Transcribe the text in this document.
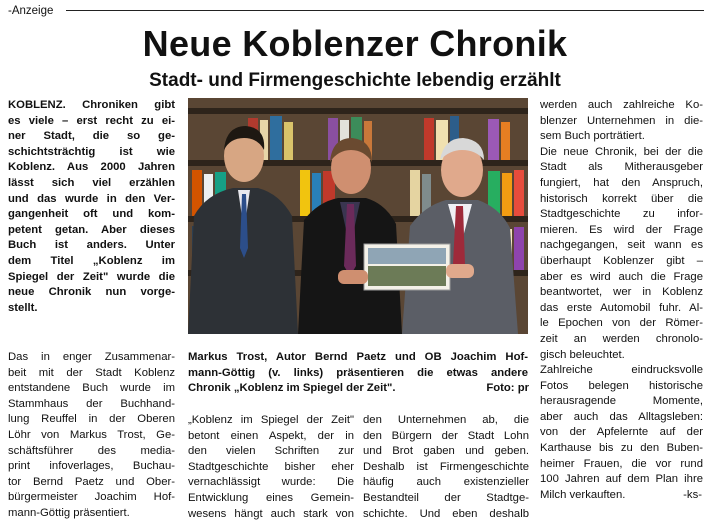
-Anzeige
Neue Koblenzer Chronik
Stadt- und Firmengeschichte lebendig erzählt
KOBLENZ. Chroniken gibt
es viele – erst recht zu ei-
ner Stadt, die so ge-
schichtsträchtig ist wie
Koblenz. Aus 2000 Jahren
lässt sich viel erzählen
und das wurde in den Ver-
gangenheit oft und kom-
petent getan. Aber dieses
Buch ist anders. Unter
dem Titel „Koblenz im
Spiegel der Zeit" wurde die
neue Chronik nun vorge-
stellt.
Das in enger Zusammenar-
beit mit der Stadt Koblenz
entstandene Buch wurde im
Stammhaus der Buchhand-
lung Reuffel in der Oberen
Löhr von Markus Trost, Ge-
schäftsführer des media-
print infoverlages, Buchau-
tor Bernd Paetz und Ober-
bürgermeister Joachim Hof-
mann-Göttig präsentiert.
Markus Trost, Autor Bernd Paetz und OB Joachim Hof-
mann-Göttig (v. links) präsentieren die etwas andere
Chronik „Koblenz im Spiegel der Zeit".	Foto: pr
„Koblenz im Spiegel der Zeit"
betont einen Aspekt, der in
den vielen Schriften zur
Stadtgeschichte bisher eher
vernachlässigt wurde: Die
Entwicklung eines Gemein-
wesens hängt auch stark von
den Unternehmen ab, die
den Bürgern der Stadt Lohn
und Brot gaben und geben.
Deshalb ist Firmengeschichte
häufig auch existenzieller
Bestandteil der Stadtge-
schichte. Und eben deshalb
werden auch zahlreiche Ko-
blenzer Unternehmen in die-
sem Buch porträtiert.
Die neue Chronik, bei der die
Stadt als Mitherausgeber
fungiert, hat den Anspruch,
historisch korrekt über die
Stadtgeschichte zu infor-
mieren. Es wird der Frage
nachgegangen, seit wann es
überhaupt Koblenzer gibt –
aber es wird auch die Frage
beantwortet, wer in Koblenz
das erste Automobil fuhr. Al-
le Epochen von der Römer-
zeit an werden chronolo-
gisch beleuchtet.
Zahlreiche eindrucksvolle
Fotos belegen historische
herausragende Momente,
aber auch das Alltagsleben:
von der Apfelernte auf der
Karthause bis zu den Buben-
heimer Frauen, die vor rund
100 Jahren auf dem Plan ihre
Milch verkauften.	-ks-
